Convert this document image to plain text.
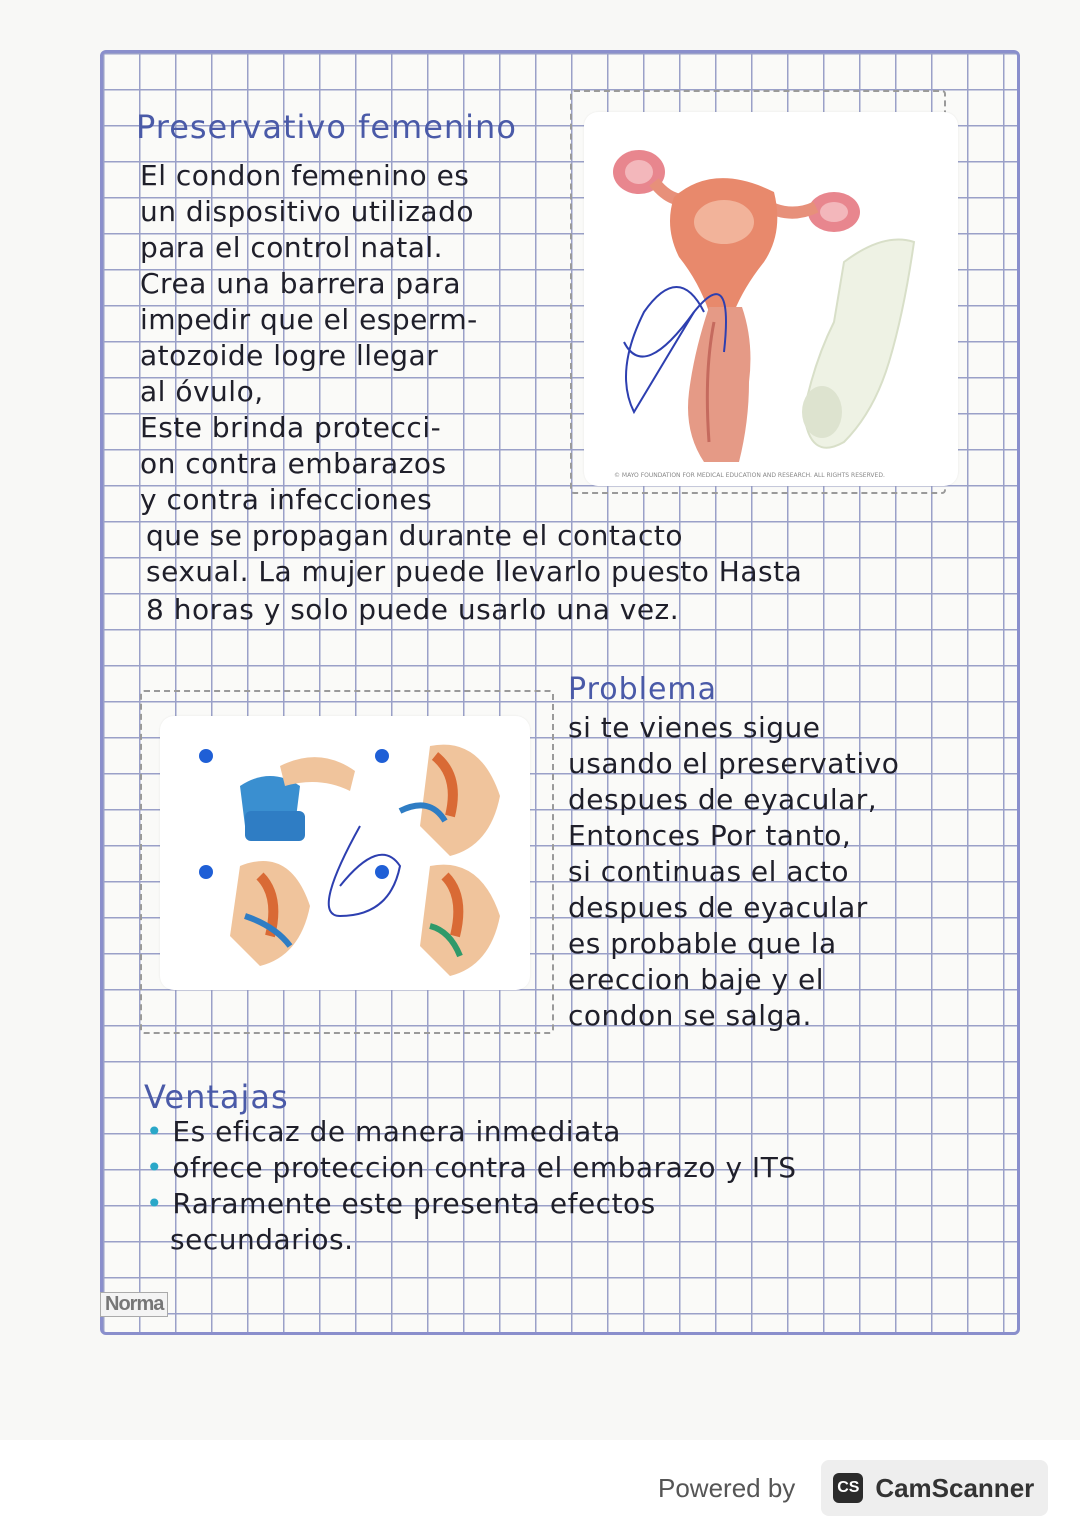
Preservativo femenino
El condon femenino es
un dispositivo utilizado
para el control natal.
Crea una barrera para
impedir que el esperm-
atozoide logre llegar
al óvulo,
Este brinda protecci-
on contra embarazos
y contra infecciones
que se propagan durante el contacto
sexual. La mujer puede llevarlo puesto Hasta
8 horas y solo puede usarlo una vez.
© MAYO FOUNDATION FOR MEDICAL EDUCATION AND RESEARCH. ALL RIGHTS RESERVED.
Problema
si te vienes sigue
usando el preservativo
despues de eyacular,
Entonces Por tanto,
si continuas el acto
despues de eyacular
es probable que la
ereccion baje y el
condon se salga.
Ventajas
• Es eficaz de manera inmediata
• ofrece proteccion contra el embarazo y ITS
• Raramente este presenta efectos
secundarios.
Norma
Powered by	CS CamScanner
